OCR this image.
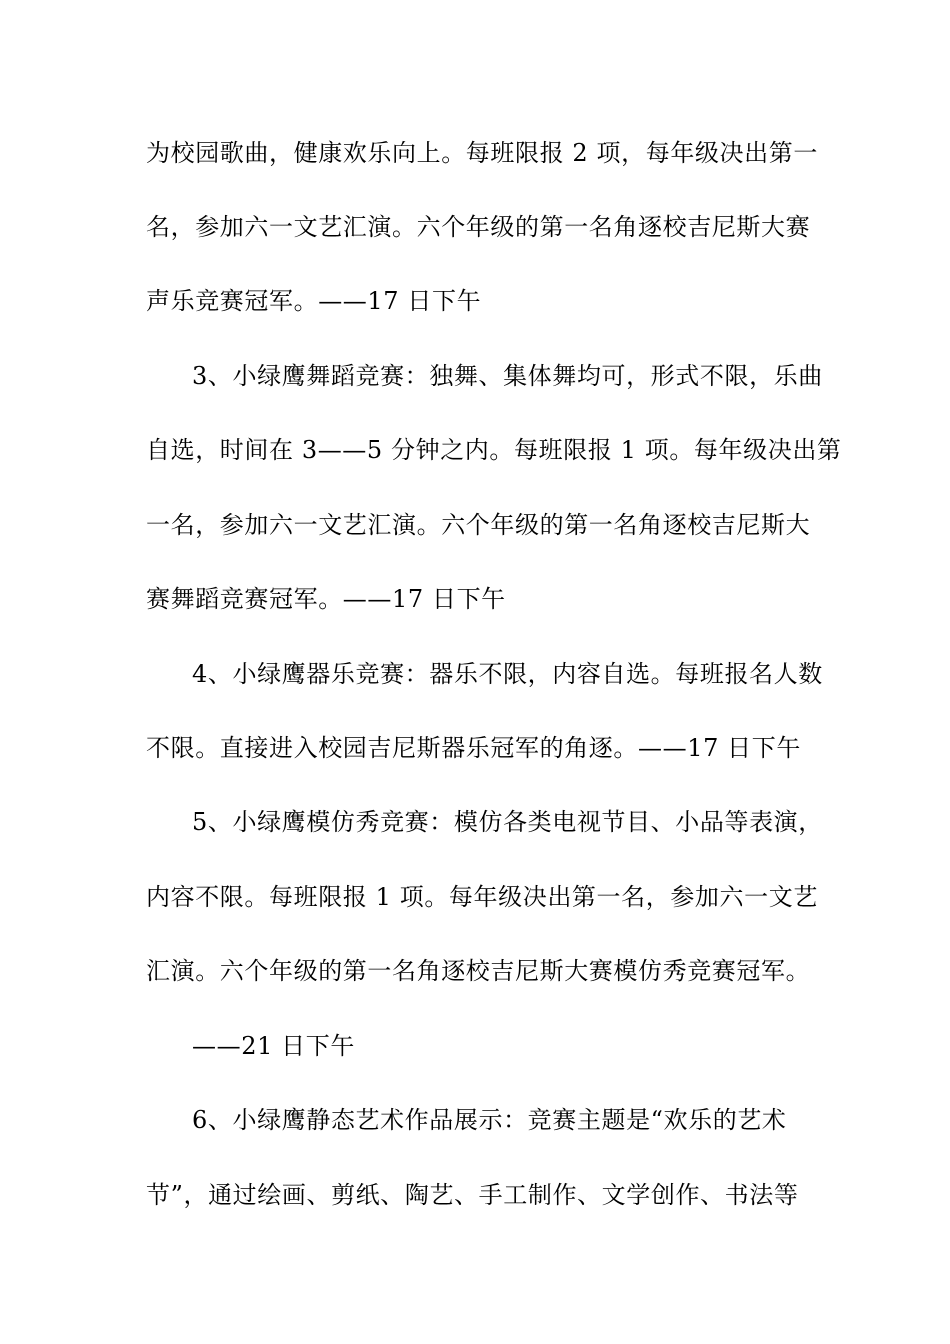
为校园歌曲，健康欢乐向上。每班限报 2 项，每年级决出第一
名，参加六一文艺汇演。六个年级的第一名角逐校吉尼斯大赛
声乐竞赛冠军。——17 日下午
3、小绿鹰舞蹈竞赛：独舞、集体舞均可，形式不限，乐曲
自选，时间在 3——5 分钟之内。每班限报 1 项。每年级决出第
一名，参加六一文艺汇演。六个年级的第一名角逐校吉尼斯大
赛舞蹈竞赛冠军。——17 日下午
4、小绿鹰器乐竞赛：器乐不限，内容自选。每班报名人数
不限。直接进入校园吉尼斯器乐冠军的角逐。——17 日下午
5、小绿鹰模仿秀竞赛：模仿各类电视节目、小品等表演，
内容不限。每班限报 1 项。每年级决出第一名，参加六一文艺
汇演。六个年级的第一名角逐校吉尼斯大赛模仿秀竞赛冠军。
——21 日下午
6、小绿鹰静态艺术作品展示：竞赛主题是“欢乐的艺术
节”，通过绘画、剪纸、陶艺、手工制作、文学创作、书法等
